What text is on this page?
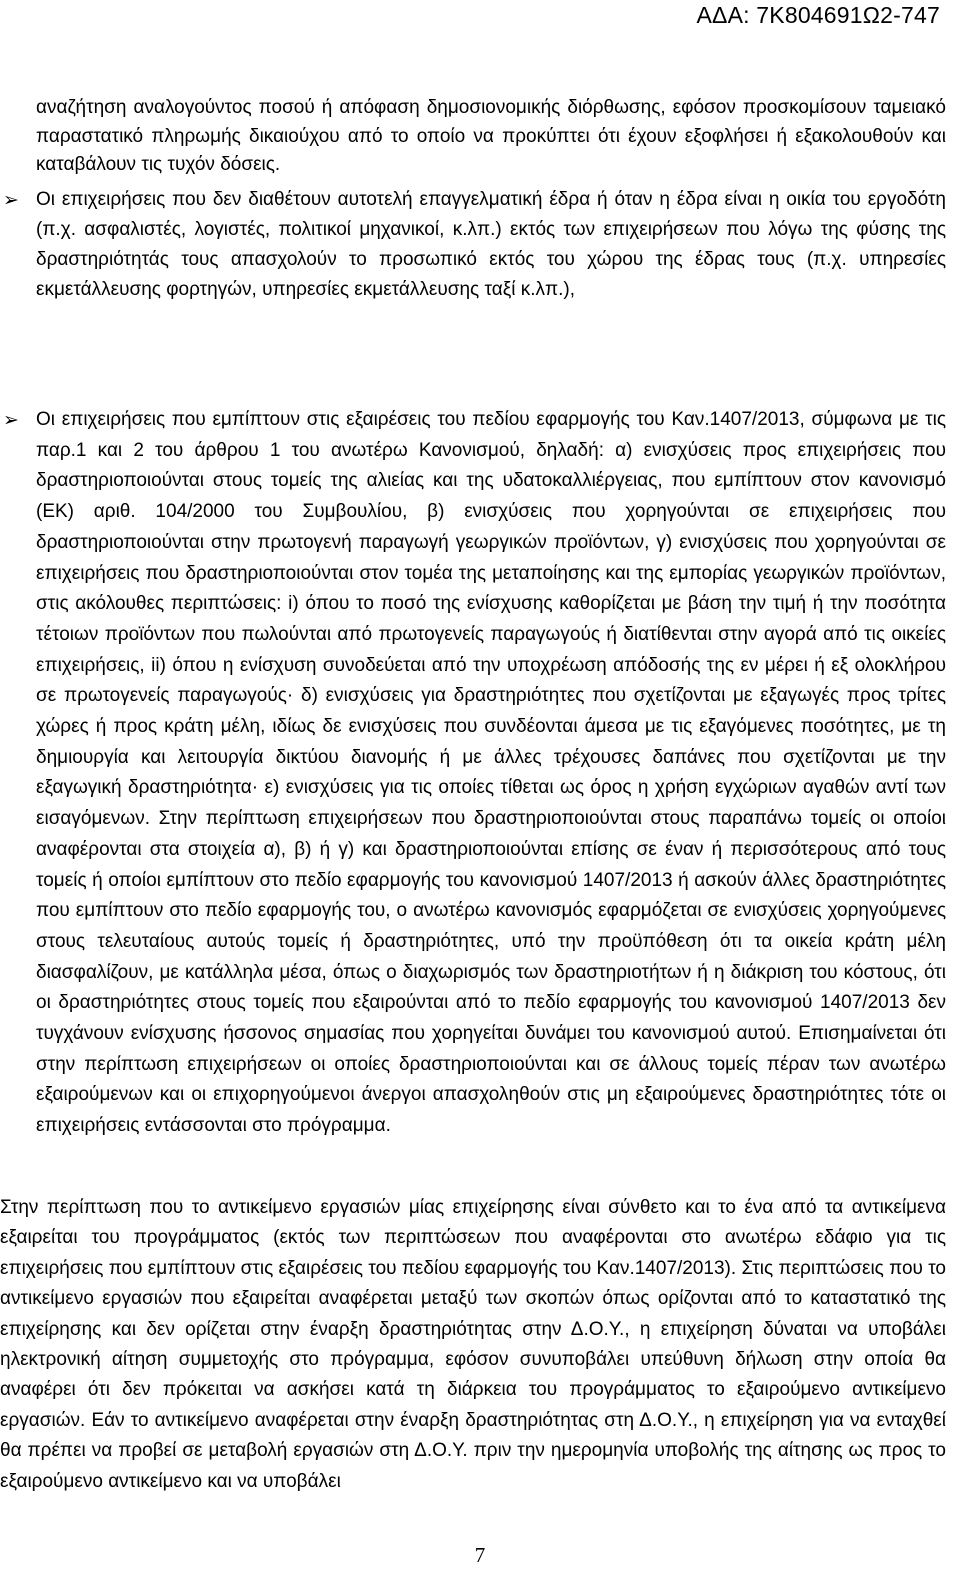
ΑΔΑ: 7Κ804691Ω2-747

αναζήτηση αναλογούντος ποσού ή απόφαση δημοσιονομικής διόρθωσης, εφόσον προσκομίσουν ταμειακό παραστατικό πληρωμής δικαιούχου από το οποίο να προκύπτει ότι έχουν εξοφλήσει ή εξακολουθούν και καταβάλουν τις τυχόν δόσεις.

➢ Οι επιχειρήσεις που δεν διαθέτουν αυτοτελή επαγγελματική έδρα ή όταν η έδρα είναι η οικία του εργοδότη (π.χ. ασφαλιστές, λογιστές, πολιτικοί μηχανικοί, κ.λπ.) εκτός των επιχειρήσεων που λόγω της φύσης της δραστηριότητάς τους απασχολούν το προσωπικό εκτός του χώρου της έδρας τους (π.χ. υπηρεσίες εκμετάλλευσης φορτηγών, υπηρεσίες εκμετάλλευσης ταξί κ.λπ.),
➢ Οι επιχειρήσεις που εμπίπτουν στις εξαιρέσεις του πεδίου εφαρμογής του Καν.1407/2013, σύμφωνα με τις παρ.1 και 2 του άρθρου 1 του ανωτέρω Κανονισμού, δηλαδή: α) ενισχύσεις προς επιχειρήσεις που δραστηριοποιούνται στους τομείς της αλιείας και της υδατοκαλλιέργειας, που εμπίπτουν στον κανονισμό (ΕΚ) αριθ. 104/2000 του Συμβουλίου, β) ενισχύσεις που χορηγούνται σε επιχειρήσεις που δραστηριοποιούνται στην πρωτογενή παραγωγή γεωργικών προϊόντων, γ) ενισχύσεις που χορηγούνται σε επιχειρήσεις που δραστηριοποιούνται στον τομέα της μεταποίησης και της εμπορίας γεωργικών προϊόντων, στις ακόλουθες περιπτώσεις: i) όπου το ποσό της ενίσχυσης καθορίζεται με βάση την τιμή ή την ποσότητα τέτοιων προϊόντων που πωλούνται από πρωτογενείς παραγωγούς ή διατίθενται στην αγορά από τις οικείες επιχειρήσεις, ii) όπου η ενίσχυση συνοδεύεται από την υποχρέωση απόδοσής της εν μέρει ή εξ ολοκλήρου σε πρωτογενείς παραγωγούς· δ) ενισχύσεις για δραστηριότητες που σχετίζονται με εξαγωγές προς τρίτες χώρες ή προς κράτη μέλη, ιδίως δε ενισχύσεις που συνδέονται άμεσα με τις εξαγόμενες ποσότητες, με τη δημιουργία και λειτουργία δικτύου διανομής ή με άλλες τρέχουσες δαπάνες που σχετίζονται με την εξαγωγική δραστηριότητα· ε) ενισχύσεις για τις οποίες τίθεται ως όρος η χρήση εγχώριων αγαθών αντί των εισαγόμενων. Στην περίπτωση επιχειρήσεων που δραστηριοποιούνται στους παραπάνω τομείς οι οποίοι αναφέρονται στα στοιχεία α), β) ή γ) και δραστηριοποιούνται επίσης σε έναν ή περισσότερους από τους τομείς ή οποίοι εμπίπτουν στο πεδίο εφαρμογής του κανονισμού 1407/2013 ή ασκούν άλλες δραστηριότητες που εμπίπτουν στο πεδίο εφαρμογής του, ο ανωτέρω κανονισμός εφαρμόζεται σε ενισχύσεις χορηγούμενες στους τελευταίους αυτούς τομείς ή δραστηριότητες, υπό την προϋπόθεση ότι τα οικεία κράτη μέλη διασφαλίζουν, με κατάλληλα μέσα, όπως ο διαχωρισμός των δραστηριοτήτων ή η διάκριση του κόστους, ότι οι δραστηριότητες στους τομείς που εξαιρούνται από το πεδίο εφαρμογής του κανονισμού 1407/2013 δεν τυγχάνουν ενίσχυσης ήσσονος σημασίας που χορηγείται δυνάμει του κανονισμού αυτού. Επισημαίνεται ότι στην περίπτωση επιχειρήσεων οι οποίες δραστηριοποιούνται και σε άλλους τομείς πέραν των ανωτέρω εξαιρούμενων και οι επιχορηγούμενοι άνεργοι απασχοληθούν στις μη εξαιρούμενες δραστηριότητες τότε οι επιχειρήσεις εντάσσονται στο πρόγραμμα.

Στην περίπτωση που το αντικείμενο εργασιών μίας επιχείρησης είναι σύνθετο και το ένα από τα αντικείμενα εξαιρείται του προγράμματος (εκτός των περιπτώσεων που αναφέρονται στο ανωτέρω εδάφιο για τις επιχειρήσεις που εμπίπτουν στις εξαιρέσεις του πεδίου εφαρμογής του Καν.1407/2013). Στις περιπτώσεις που το αντικείμενο εργασιών που εξαιρείται αναφέρεται μεταξύ των σκοπών όπως ορίζονται από το καταστατικό της επιχείρησης και δεν ορίζεται στην έναρξη δραστηριότητας στην Δ.Ο.Υ., η επιχείρηση δύναται να υποβάλει ηλεκτρονική αίτηση συμμετοχής στο πρόγραμμα, εφόσον συνυποβάλει υπεύθυνη δήλωση στην οποία θα αναφέρει ότι δεν πρόκειται να ασκήσει κατά τη διάρκεια του προγράμματος το εξαιρούμενο αντικείμενο εργασιών. Εάν το αντικείμενο αναφέρεται στην έναρξη δραστηριότητας στη Δ.Ο.Υ., η επιχείρηση για να ενταχθεί θα πρέπει να προβεί σε μεταβολή εργασιών στη Δ.Ο.Υ. πριν την ημερομηνία υποβολής της αίτησης ως προς το εξαιρούμενο αντικείμενο και να υποβάλει

7
